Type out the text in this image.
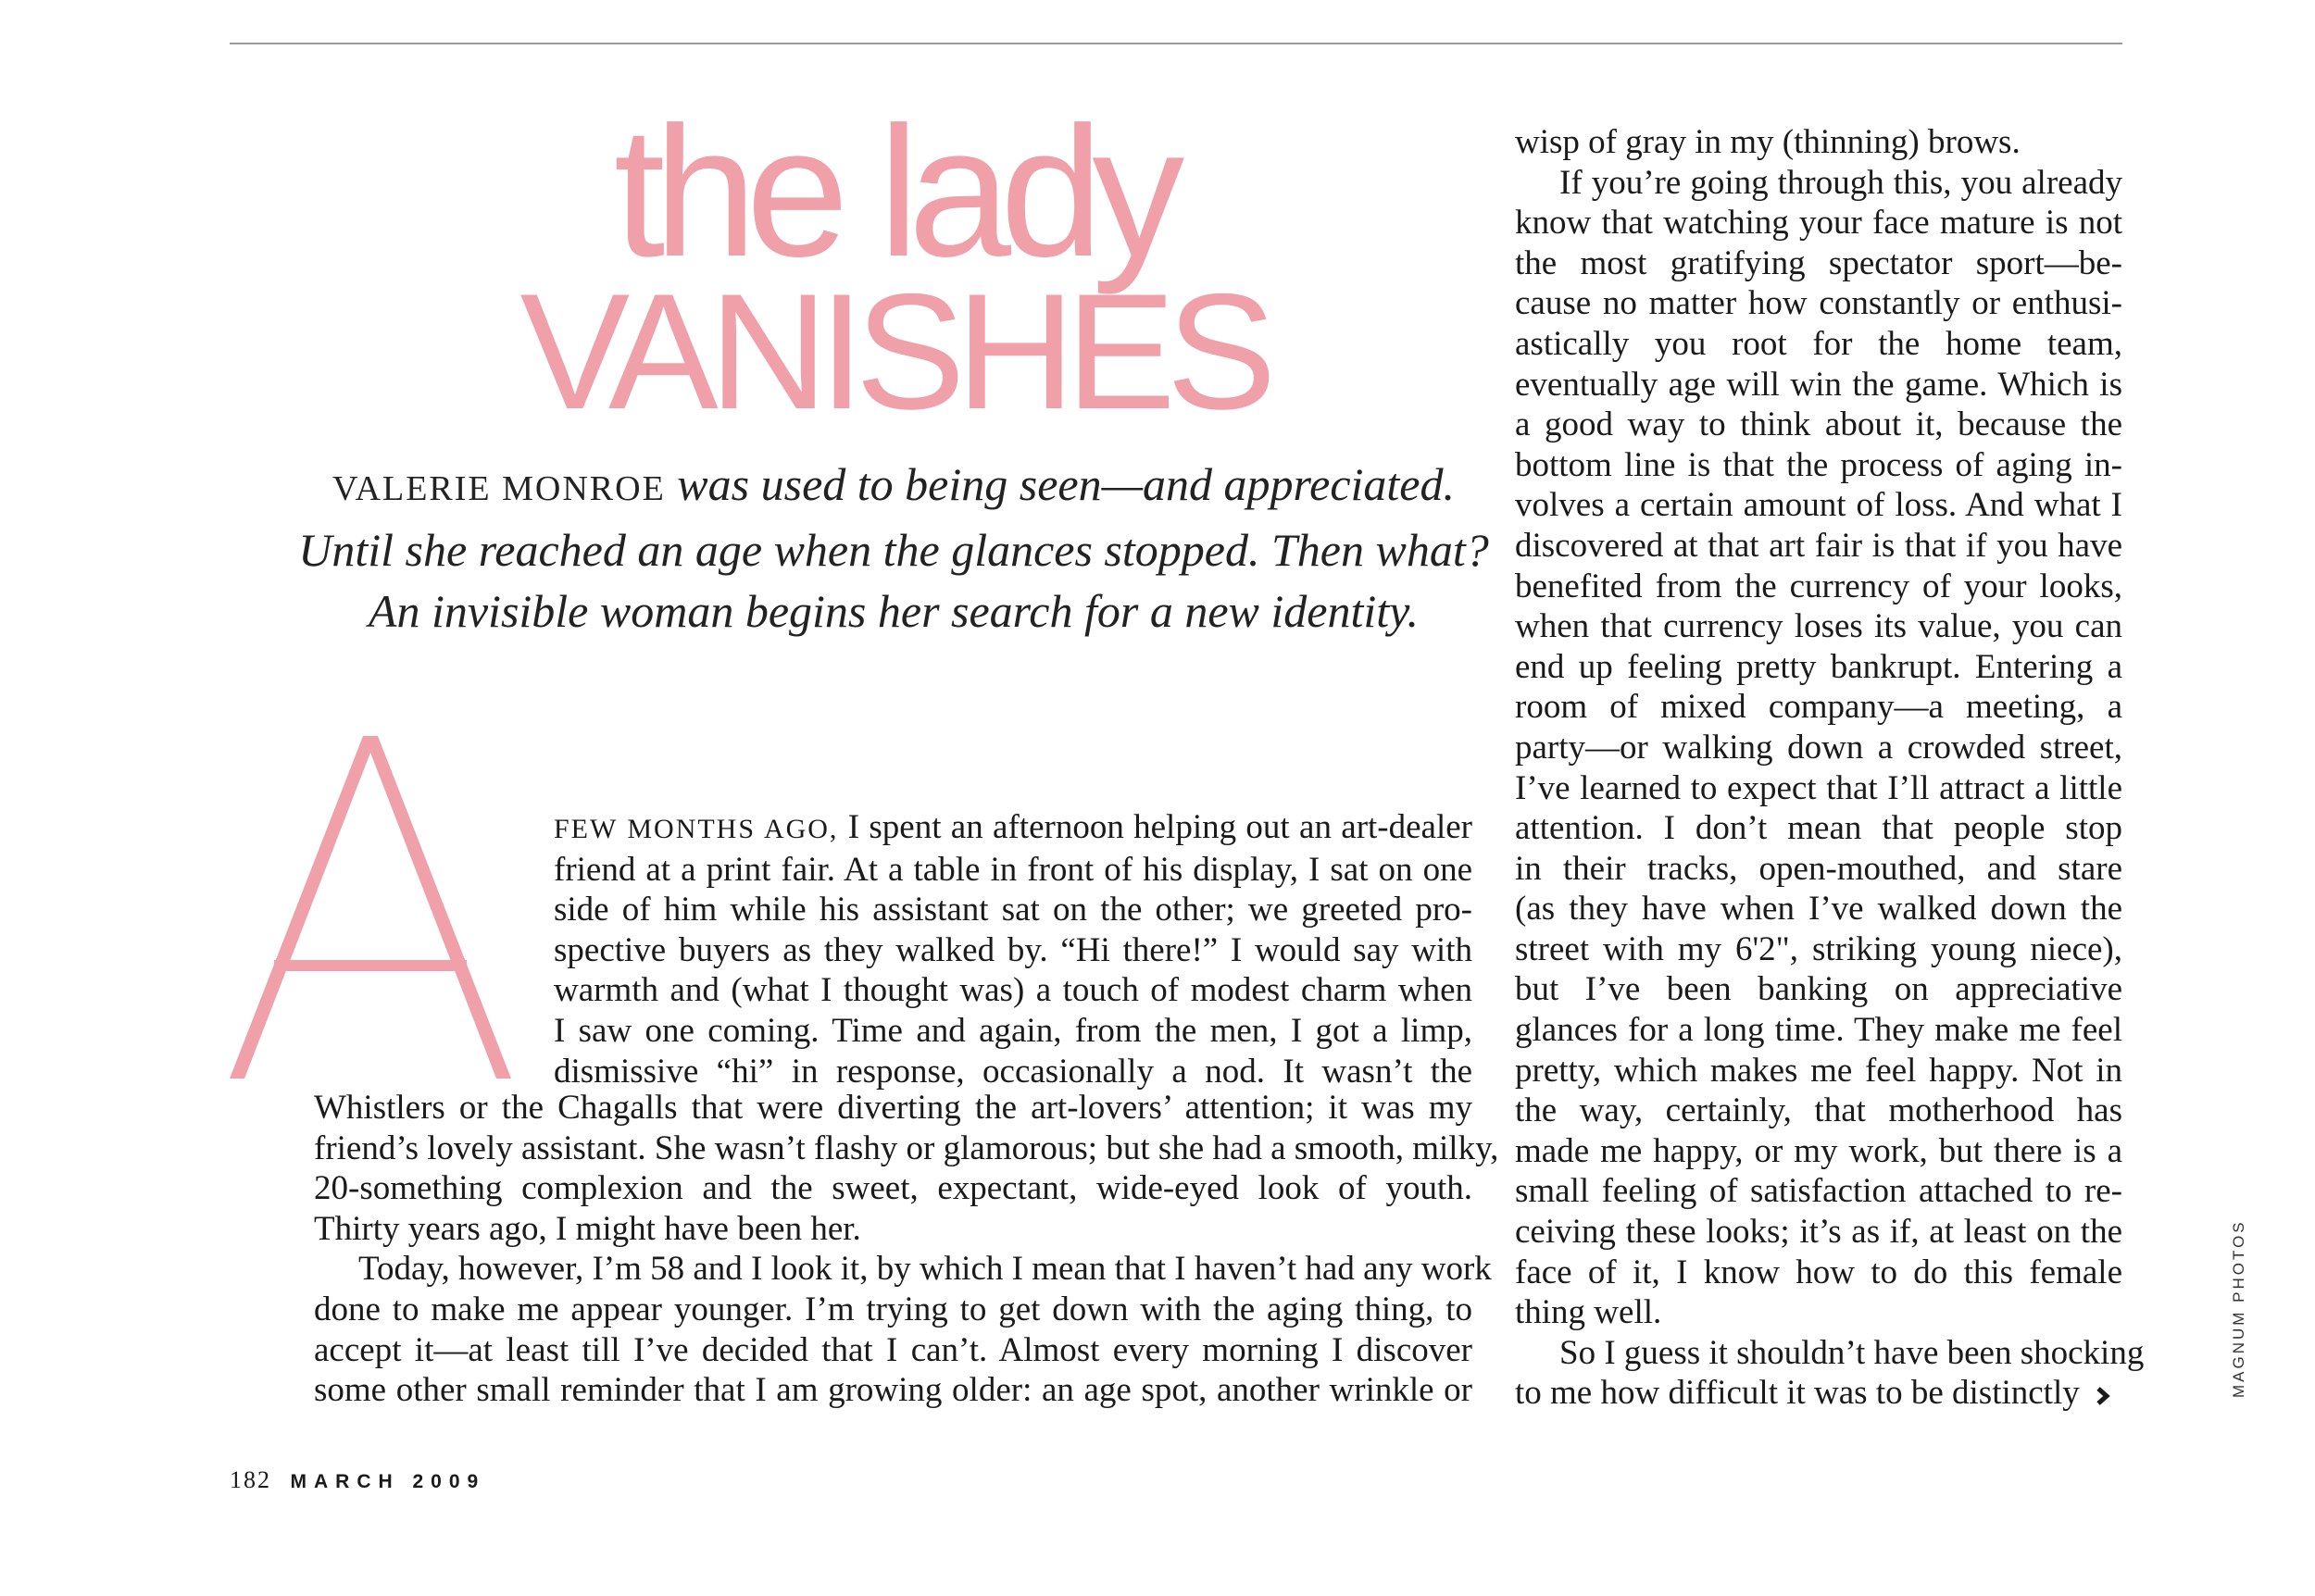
the lady
VANISHES

VALERIE MONROE was used to being seen—and appreciated.
Until she reached an age when the glances stopped. Then what?
An invisible woman begins her search for a new identity.

FEW MONTHS AGO, I spent an afternoon helping out an art-dealer
friend at a print fair. At a table in front of his display, I sat on one
side of him while his assistant sat on the other; we greeted pro-
spective buyers as they walked by. “Hi there!” I would say with
warmth and (what I thought was) a touch of modest charm when
I saw one coming. Time and again, from the men, I got a limp,
dismissive “hi” in response, occasionally a nod. It wasn’t the

Whistlers or the Chagalls that were diverting the art-lovers’ attention; it was my
friend’s lovely assistant. She wasn’t flashy or glamorous; but she had a smooth, milky,
20-something complexion and the sweet, expectant, wide-eyed look of youth.
Thirty years ago, I might have been her.

Today, however, I’m 58 and I look it, by which I mean that I haven’t had any work
done to make me appear younger. I’m trying to get down with the aging thing, to
accept it—at least till I’ve decided that I can’t. Almost every morning I discover
some other small reminder that I am growing older: an age spot, another wrinkle or

wisp of gray in my (thinning) brows.

If you’re going through this, you already
know that watching your face mature is not
the most gratifying spectator sport—be-
cause no matter how constantly or enthusi-
astically you root for the home team,
eventually age will win the game. Which is
a good way to think about it, because the
bottom line is that the process of aging in-
volves a certain amount of loss. And what I
discovered at that art fair is that if you have
benefited from the currency of your looks,
when that currency loses its value, you can
end up feeling pretty bankrupt. Entering a
room of mixed company—a meeting, a
party—or walking down a crowded street,
I’ve learned to expect that I’ll attract a little
attention. I don’t mean that people stop
in their tracks, open-mouthed, and stare
(as they have when I’ve walked down the
street with my 6'2", striking young niece),
but I’ve been banking on appreciative
glances for a long time. They make me feel
pretty, which makes me feel happy. Not in
the way, certainly, that motherhood has
made me happy, or my work, but there is a
small feeling of satisfaction attached to re-
ceiving these looks; it’s as if, at least on the
face of it, I know how to do this female
thing well.

So I guess it shouldn’t have been shocking
to me how difficult it was to be distinctly

182 MARCH 2009
MAGNUM PHOTOS
